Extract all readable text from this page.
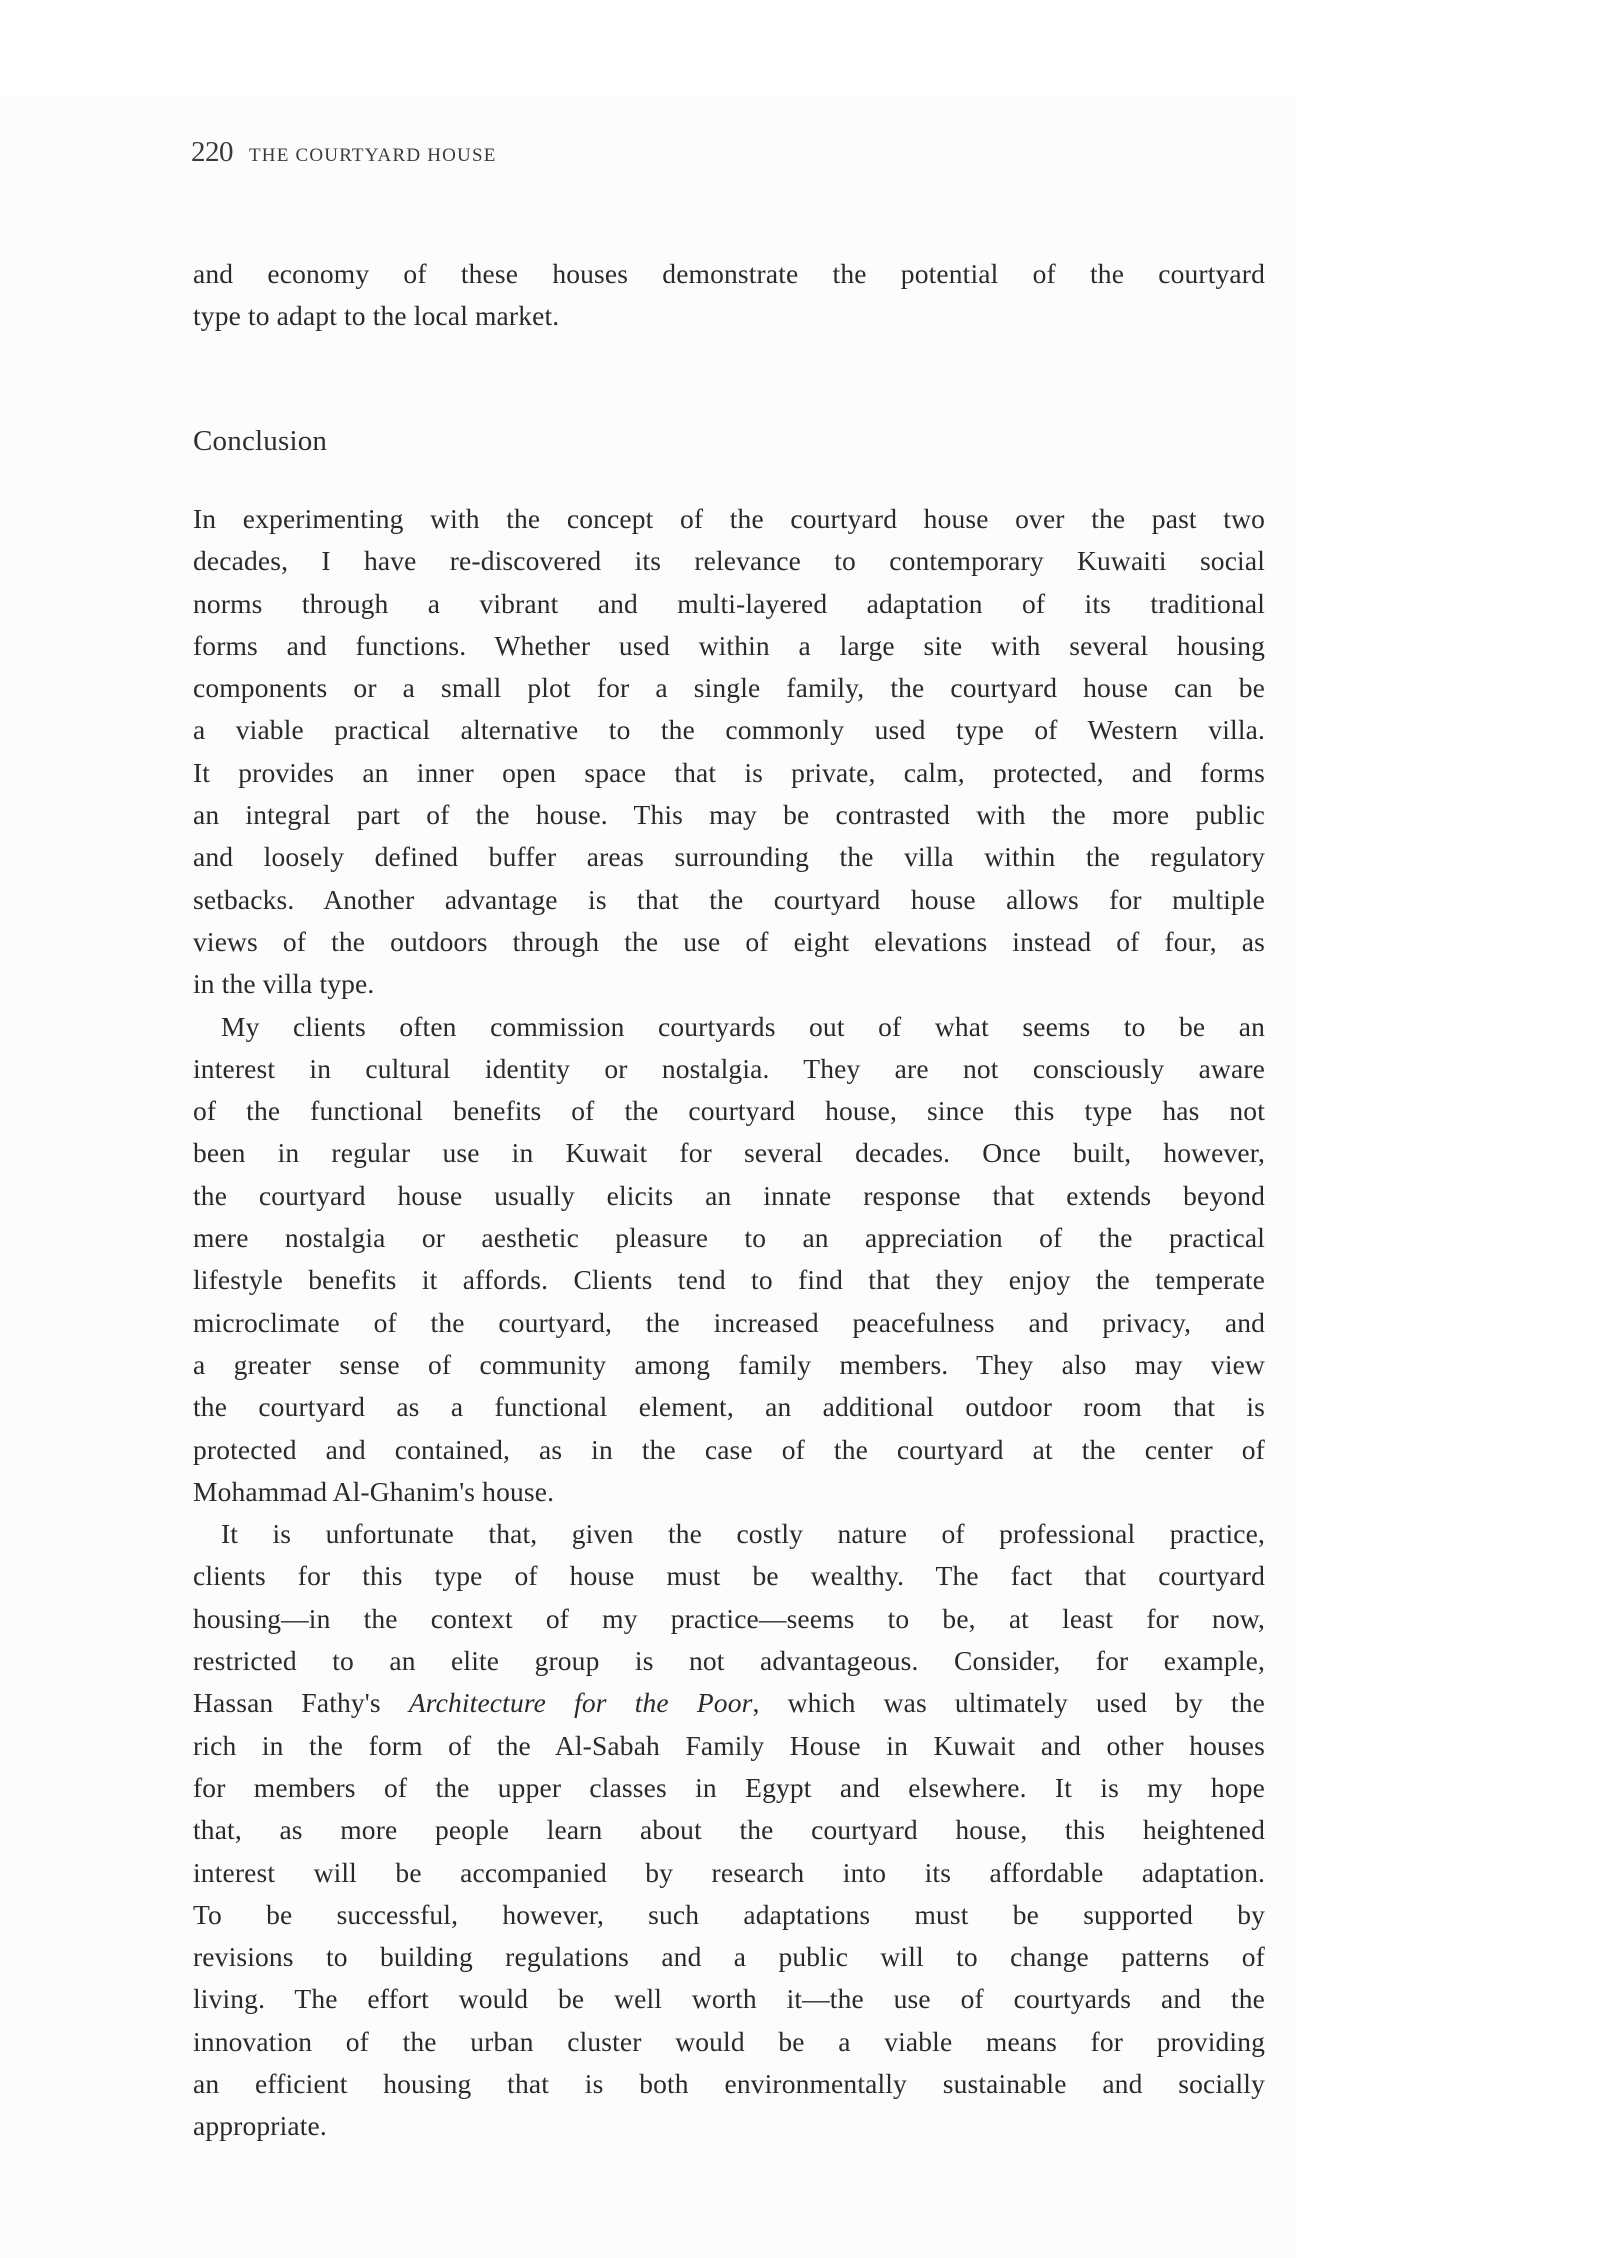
220 THE COURTYARD HOUSE
and economy of these houses demonstrate the potential of the courtyard
type to adapt to the local market.
Conclusion
In experimenting with the concept of the courtyard house over the past two
decades, I have re-discovered its relevance to contemporary Kuwaiti social
norms through a vibrant and multi-layered adaptation of its traditional
forms and functions. Whether used within a large site with several housing
components or a small plot for a single family, the courtyard house can be
a viable practical alternative to the commonly used type of Western villa.
It provides an inner open space that is private, calm, protected, and forms
an integral part of the house. This may be contrasted with the more public
and loosely defined buffer areas surrounding the villa within the regulatory
setbacks. Another advantage is that the courtyard house allows for multiple
views of the outdoors through the use of eight elevations instead of four, as
in the villa type.
My clients often commission courtyards out of what seems to be an
interest in cultural identity or nostalgia. They are not consciously aware
of the functional benefits of the courtyard house, since this type has not
been in regular use in Kuwait for several decades. Once built, however,
the courtyard house usually elicits an innate response that extends beyond
mere nostalgia or aesthetic pleasure to an appreciation of the practical
lifestyle benefits it affords. Clients tend to find that they enjoy the temperate
microclimate of the courtyard, the increased peacefulness and privacy, and
a greater sense of community among family members. They also may view
the courtyard as a functional element, an additional outdoor room that is
protected and contained, as in the case of the courtyard at the center of
Mohammad Al-Ghanim's house.
It is unfortunate that, given the costly nature of professional practice,
clients for this type of house must be wealthy. The fact that courtyard
housing—in the context of my practice—seems to be, at least for now,
restricted to an elite group is not advantageous. Consider, for example,
Hassan Fathy's Architecture for the Poor, which was ultimately used by the
rich in the form of the Al-Sabah Family House in Kuwait and other houses
for members of the upper classes in Egypt and elsewhere. It is my hope
that, as more people learn about the courtyard house, this heightened
interest will be accompanied by research into its affordable adaptation.
To be successful, however, such adaptations must be supported by
revisions to building regulations and a public will to change patterns of
living. The effort would be well worth it—the use of courtyards and the
innovation of the urban cluster would be a viable means for providing
an efficient housing that is both environmentally sustainable and socially
appropriate.
